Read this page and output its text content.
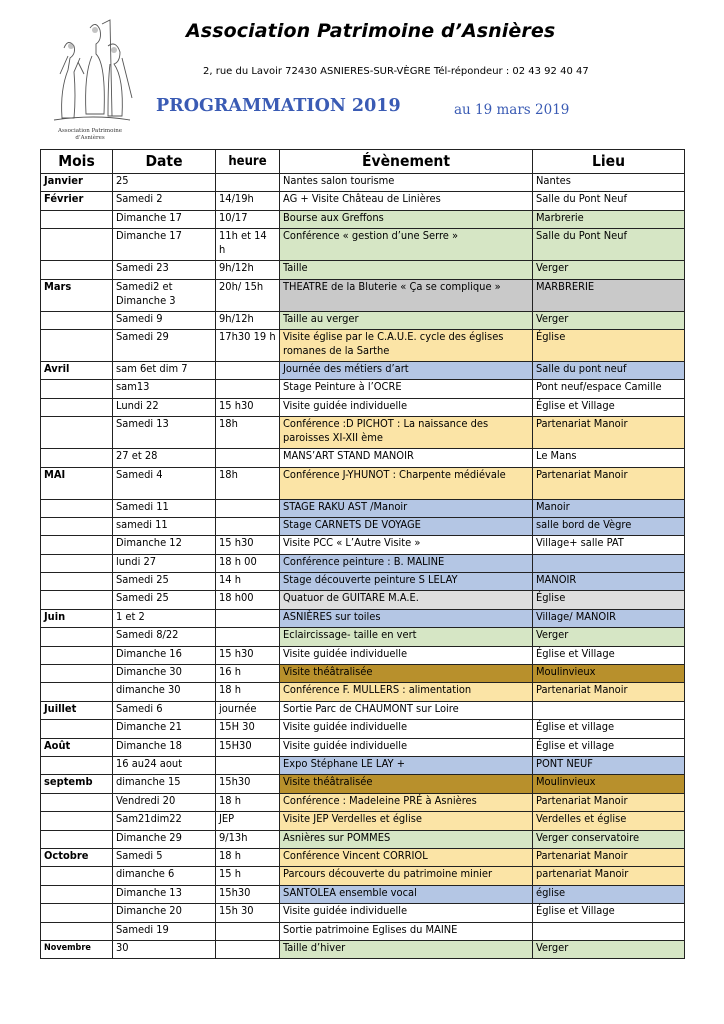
Association Patrimoine
d’Asnières
Association Patrimoine d’Asnières
2, rue du Lavoir 72430 ASNIERES-SUR-VÈGRE Tél-répondeur : 02 43 92 40 47
PROGRAMMATION 2019	au 19 mars 2019
Mois	Date	heure	Évènement	Lieu
Janvier	25		Nantes salon tourisme	Nantes
Février	Samedi 2	14/19h	AG + Visite Château de Linières	Salle du Pont Neuf
	Dimanche 17	10/17	Bourse aux Greffons	Marbrerie
	Dimanche 17	11h et 14 h	Conférence « gestion d’une Serre »	Salle du Pont Neuf
	Samedi 23	9h/12h	Taille	Verger
Mars	Samedi2 et Dimanche 3	20h/ 15h	THEATRE de la Bluterie « Ça se complique »	MARBRERIE
	Samedi 9	9h/12h	Taille au verger	Verger
	Samedi 29	17h30 19 h	Visite église par le C.A.U.E. cycle des églises romanes de la Sarthe	Église
Avril	sam 6et dim 7		Journée des métiers d’art	Salle du pont neuf
	sam13		Stage Peinture à l’OCRE	Pont neuf/espace Camille
	Lundi 22	15 h30	Visite guidée individuelle	Église et Village
	Samedi 13	18h	Conférence :D PICHOT : La naissance des paroisses XI-XII ème	Partenariat Manoir
	27 et 28		MANS’ART STAND MANOIR	Le Mans
MAI	Samedi 4	18h	Conférence J-YHUNOT : Charpente médiévale	Partenariat Manoir
	Samedi 11		STAGE RAKU AST /Manoir	Manoir
	samedi 11		Stage CARNETS DE VOYAGE	salle bord de Vègre
	Dimanche 12	15 h30	Visite PCC « L’Autre Visite »	Village+ salle PAT
	lundi 27	18 h 00	Conférence peinture : B. MALINE	
	Samedi 25	14 h	Stage découverte peinture S LELAY	MANOIR
	Samedi 25	18 h00	Quatuor de GUITARE M.A.E.	Église
Juin	1 et 2		ASNIÈRES sur toiles	Village/ MANOIR
	Samedi 8/22		Eclaircissage- taille en vert	Verger
	Dimanche 16	15 h30	Visite guidée individuelle	Église et Village
	Dimanche 30	16 h	Visite théâtralisée	Moulinvieux
	dimanche 30	18 h	Conférence F. MULLERS : alimentation	Partenariat Manoir
Juillet	Samedi 6	journée	Sortie Parc de CHAUMONT sur Loire	
	Dimanche 21	15H 30	Visite guidée individuelle	Église et village
Août	Dimanche 18	15H30	Visite guidée individuelle	Église et village
	16 au24 aout		Expo Stéphane LE LAY +	PONT NEUF
septemb	dimanche 15	15h30	Visite théâtralisée	Moulinvieux
	Vendredi 20	18 h	Conférence : Madeleine PRÉ à Asnières	Partenariat Manoir
	Sam21dim22	JEP	Visite JEP Verdelles et église	Verdelles et église
	Dimanche 29	9/13h	Asnières sur POMMES	Verger conservatoire
Octobre	Samedi 5	18 h	Conférence Vincent CORRIOL	Partenariat Manoir
	dimanche 6	15 h	Parcours découverte du patrimoine minier	partenariat Manoir
	Dimanche 13	15h30	SANTOLEA ensemble vocal	église
	Dimanche 20	15h 30	Visite guidée individuelle	Église et Village
	Samedi 19		Sortie patrimoine Eglises du MAINE	
Novembre	30		Taille d’hiver	Verger
